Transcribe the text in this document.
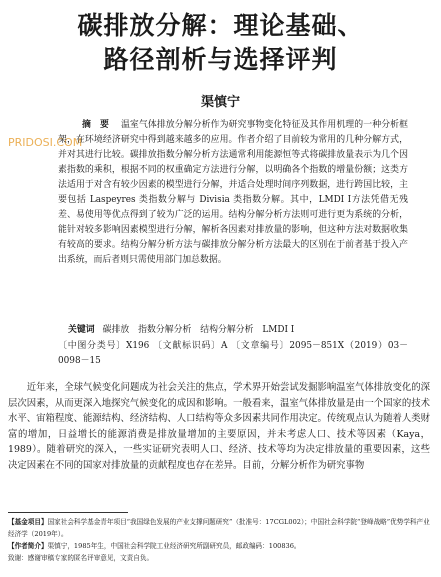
碳排放分解：理论基础、
路径剖析与选择评判
渠慎宁
PRIDOSI.COM
摘　要 温室气体排放分解分析作为研究事物变化特征及其作用机理的一种分析框架，在环境经济研究中得到越来越多的应用。作者介绍了目前较为常用的几种分解方式，并对其进行比较。碳排放指数分解分析方法通常利用能源恒等式将碳排放量表示为几个因素指数的乘积，根据不同的权重确定方法进行分解，以明确各个指数的增量份额；这类方法适用于对含有较少因素的模型进行分解，并适合处理时间序列数据，进行跨国比较，主要包括 Laspeyres 类指数分解与 Divisia 类指数分解。其中，LMDI Ⅰ方法凭借无残差、易使用等优点得到了较为广泛的运用。结构分解分析方法则可进行更为系统的分析，能针对较多影响因素模型进行分解，解析各因素对排放量的影响，但这种方法对数据收集有较高的要求。结构分解分析方法与碳排放分解分析方法最大的区别在于前者基于投入产出系统，而后者则只需使用部门加总数据。
关键词 碳排放　指数分解分析　结构分解分析　LMDI Ⅰ
〔中图分类号〕X196 〔文献标识码〕A 〔文章编号〕2095－851X（2019）03－0098－15
近年来，全球气候变化问题成为社会关注的焦点，学术界开始尝试发掘影响温室气体排放变化的深层次因素，从而更深入地探究气候变化的成因和影响。一般看来，温室气体排放量是由一个国家的技术水平、宙箱程度、能源结构、经济结构、人口结构等众多因素共同作用决定。传统观点认为随着人类财富的增加，日益增长的能源消费是排放量增加的主要原因，并未考虑人口、技术等因素（Kaya，1989）。随着研究的深入，一些实证研究表明人口、经济、技术等均为决定排放量的重要因素，这些决定因素在不同的国家对排放量的贡献程度也存在差异。目前，分解分析作为研究事物

【基金项目】国家社会科学基金青年项目“我国绿色发展的产业支撑问题研究”（批准号：17CGL002）；中国社会科学院“登峰战略”优势学科产业经济学（2019年）。

【作者简介】渠慎宁，1985年生，中国社会科学院工业经济研究所副研究员，邮政编码：100836。

致谢：感谢审稿专家的匿名评审意见，文责自负。
